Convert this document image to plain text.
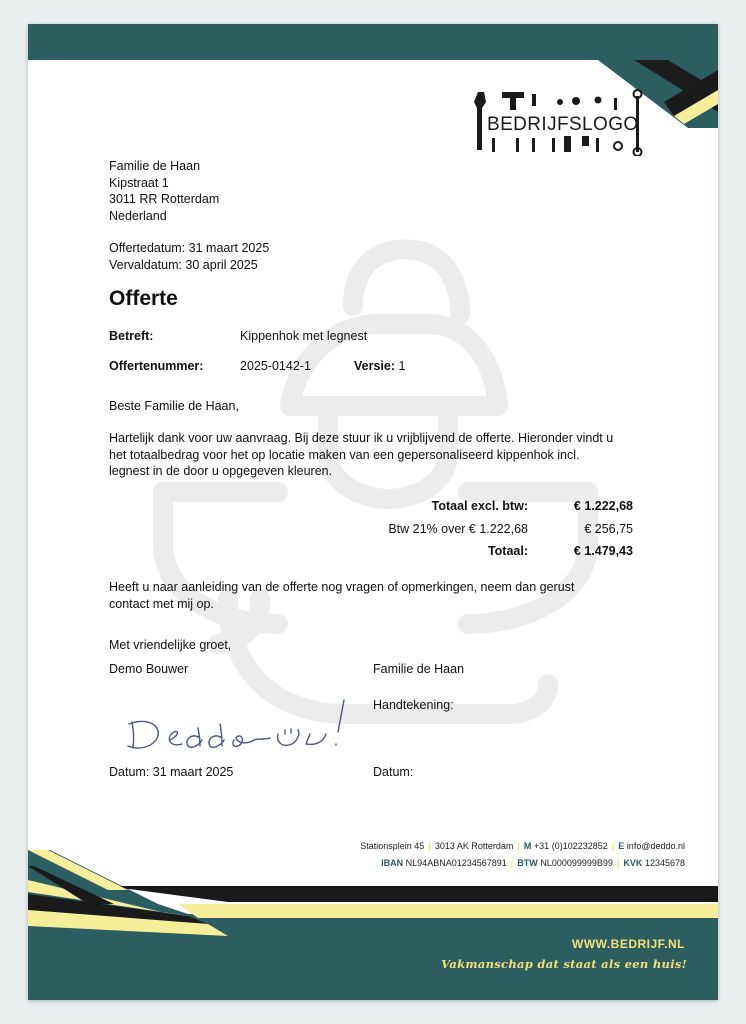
BEDRIJFSLOGO
Familie de Haan
Kipstraat 1
3011 RR Rotterdam
Nederland
Offertedatum: 31 maart 2025
Vervaldatum: 30 april 2025
Offerte
Betreft:	Kippenhok met legnest
Offertenummer:	2025-0142-1	Versie: 1
Beste Familie de Haan,
Hartelijk dank voor uw aanvraag. Bij deze stuur ik u vrijblijvend de offerte. Hieronder vindt u het totaalbedrag voor het op locatie maken van een gepersonaliseerd kippenhok incl. legnest in de door u opgegeven kleuren.
Totaal excl. btw:	€ 1.222,68
Btw 21% over € 1.222,68	€ 256,75
Totaal:	€ 1.479,43
Heeft u naar aanleiding van de offerte nog vragen of opmerkingen, neem dan gerust contact met mij op.
Met vriendelijke groet,
Demo Bouwer	Familie de Haan
Handtekening:
Datum: 31 maart 2025	Datum:
Stationsplein 45 | 3013 AK Rotterdam | M +31 (0)102232852 | E info@deddo.nl
IBAN NL94ABNA01234567891 | BTW NL000099999B99 | KVK 12345678
WWW.BEDRIJF.NL
Vakmanschap dat staat als een huis!
